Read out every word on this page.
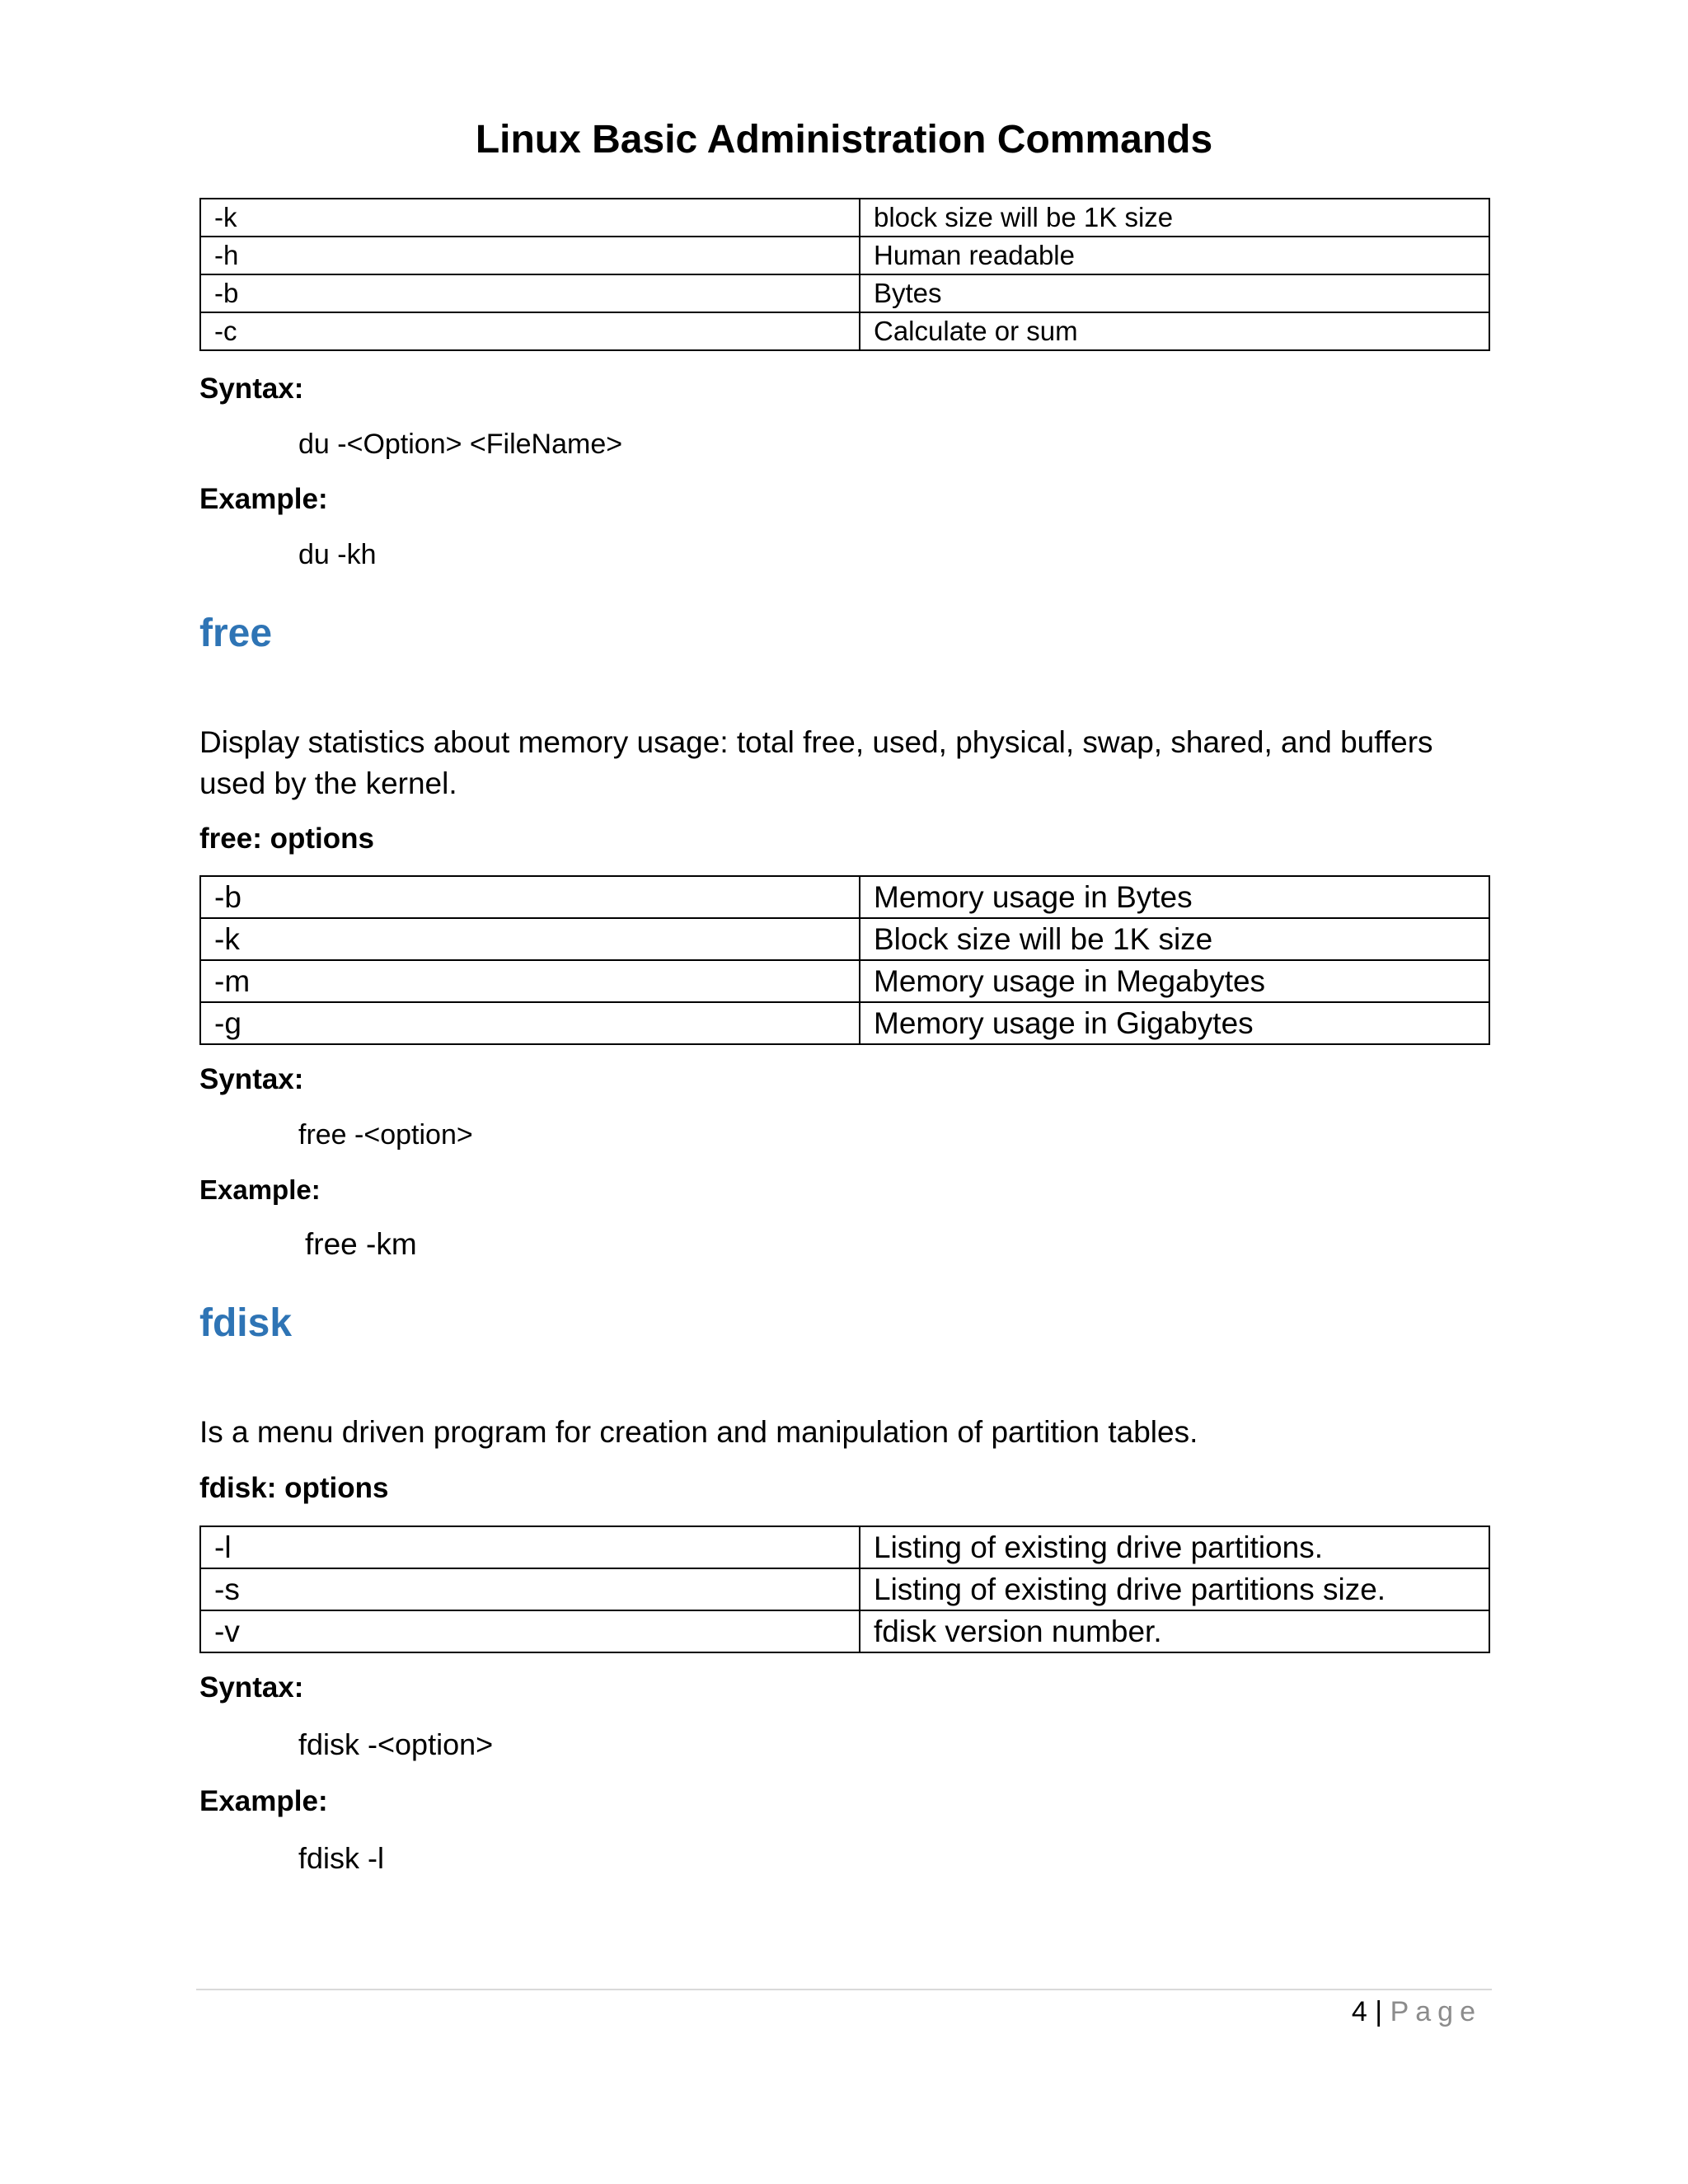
Linux Basic Administration Commands
-k	block size will be 1K size
-h	Human readable
-b	Bytes
-c	Calculate or sum

Syntax:

du -<Option> <FileName>

Example:

du -kh

free

Display statistics about memory usage: total free, used, physical, swap, shared, and buffers used by the kernel.

free: options

-b	Memory usage in Bytes
-k	Block size will be 1K size
-m	Memory usage in Megabytes
-g	Memory usage in Gigabytes

Syntax:

free -<option>

Example:

free -km

fdisk

Is a menu driven program for creation and manipulation of partition tables.

fdisk: options

-l	Listing of existing drive partitions.
-s	Listing of existing drive partitions size.
-v	fdisk version number.

Syntax:

fdisk -<option>

Example:

fdisk -l

4 | Page
